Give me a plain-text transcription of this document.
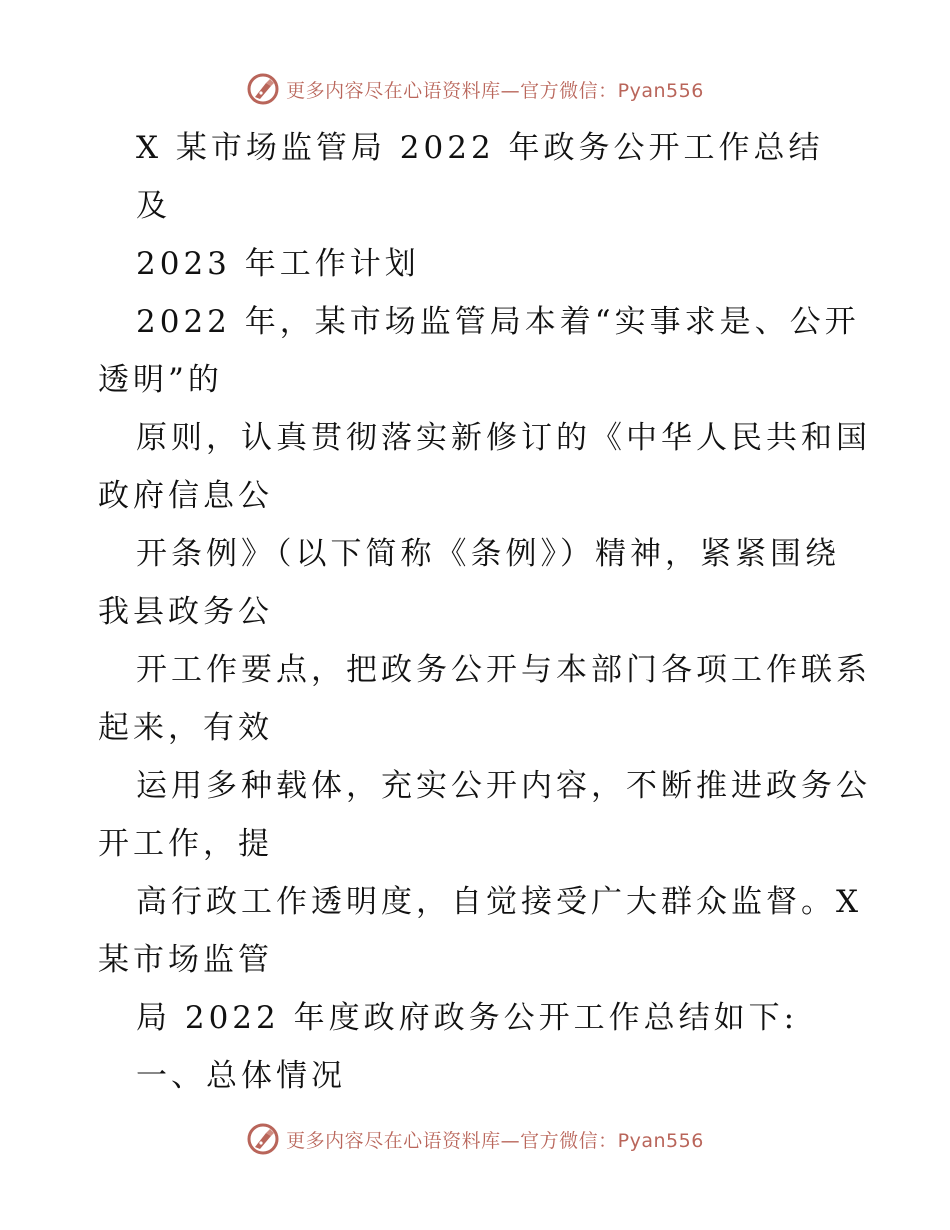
更多内容尽在心语资料库—官方微信：Pyan556
X 某市场监管局 2022 年政务公开工作总结
及
2023 年工作计划
2022 年，某市场监管局本着“实事求是、公开
透明”的
原则，认真贯彻落实新修订的《中华人民共和国
政府信息公
开条例》（以下简称《条例》）精神，紧紧围绕
我县政务公
开工作要点，把政务公开与本部门各项工作联系
起来，有效
运用多种载体，充实公开内容，不断推进政务公
开工作，提
高行政工作透明度，自觉接受广大群众监督。X
某市场监管
局 2022 年度政府政务公开工作总结如下:
一、总体情况
更多内容尽在心语资料库—官方微信：Pyan556
